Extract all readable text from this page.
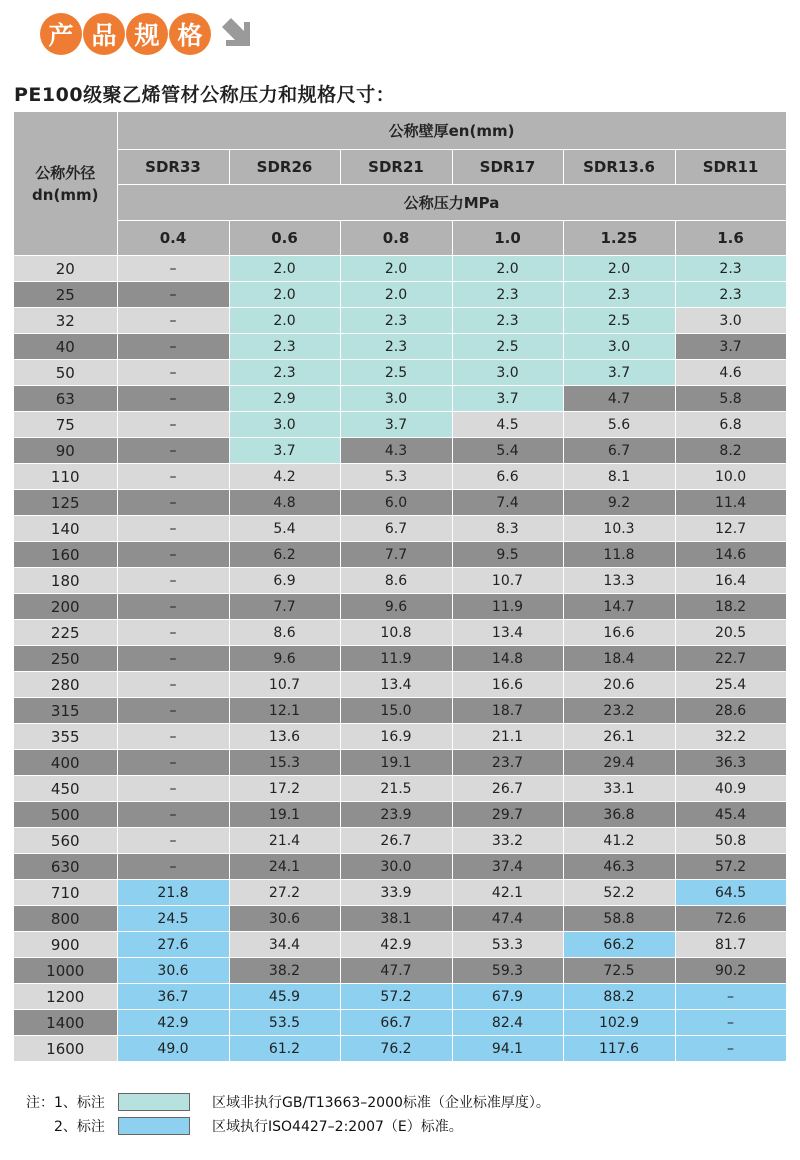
产 品 规 格
PE100级聚乙烯管材公称压力和规格尺寸：
公称外径
dn(mm)	公称壁厚en(mm)					
	SDR33	SDR26	SDR21	SDR17	SDR13.6	SDR11
	公称压力MPa					
	0.4	0.6	0.8	1.0	1.25	1.6
20	–	2.0	2.0	2.0	2.0	2.3
25	–	2.0	2.0	2.3	2.3	2.3
32	–	2.0	2.3	2.3	2.5	3.0
40	–	2.3	2.3	2.5	3.0	3.7
50	–	2.3	2.5	3.0	3.7	4.6
63	–	2.9	3.0	3.7	4.7	5.8
75	–	3.0	3.7	4.5	5.6	6.8
90	–	3.7	4.3	5.4	6.7	8.2
110	–	4.2	5.3	6.6	8.1	10.0
125	–	4.8	6.0	7.4	9.2	11.4
140	–	5.4	6.7	8.3	10.3	12.7
160	–	6.2	7.7	9.5	11.8	14.6
180	–	6.9	8.6	10.7	13.3	16.4
200	–	7.7	9.6	11.9	14.7	18.2
225	–	8.6	10.8	13.4	16.6	20.5
250	–	9.6	11.9	14.8	18.4	22.7
280	–	10.7	13.4	16.6	20.6	25.4
315	–	12.1	15.0	18.7	23.2	28.6
355	–	13.6	16.9	21.1	26.1	32.2
400	–	15.3	19.1	23.7	29.4	36.3
450	–	17.2	21.5	26.7	33.1	40.9
500	–	19.1	23.9	29.7	36.8	45.4
560	–	21.4	26.7	33.2	41.2	50.8
630	–	24.1	30.0	37.4	46.3	57.2
710	21.8	27.2	33.9	42.1	52.2	64.5
800	24.5	30.6	38.1	47.4	58.8	72.6
900	27.6	34.4	42.9	53.3	66.2	81.7
1000	30.6	38.2	47.7	59.3	72.5	90.2
1200	36.7	45.9	57.2	67.9	88.2	–
1400	42.9	53.5	66.7	82.4	102.9	–
1600	49.0	61.2	76.2	94.1	117.6	–
注：1、标注	区域非执行GB/T13663–2000标准（企业标准厚度）。
2、标注	区域执行ISO4427–2:2007（E）标准。
